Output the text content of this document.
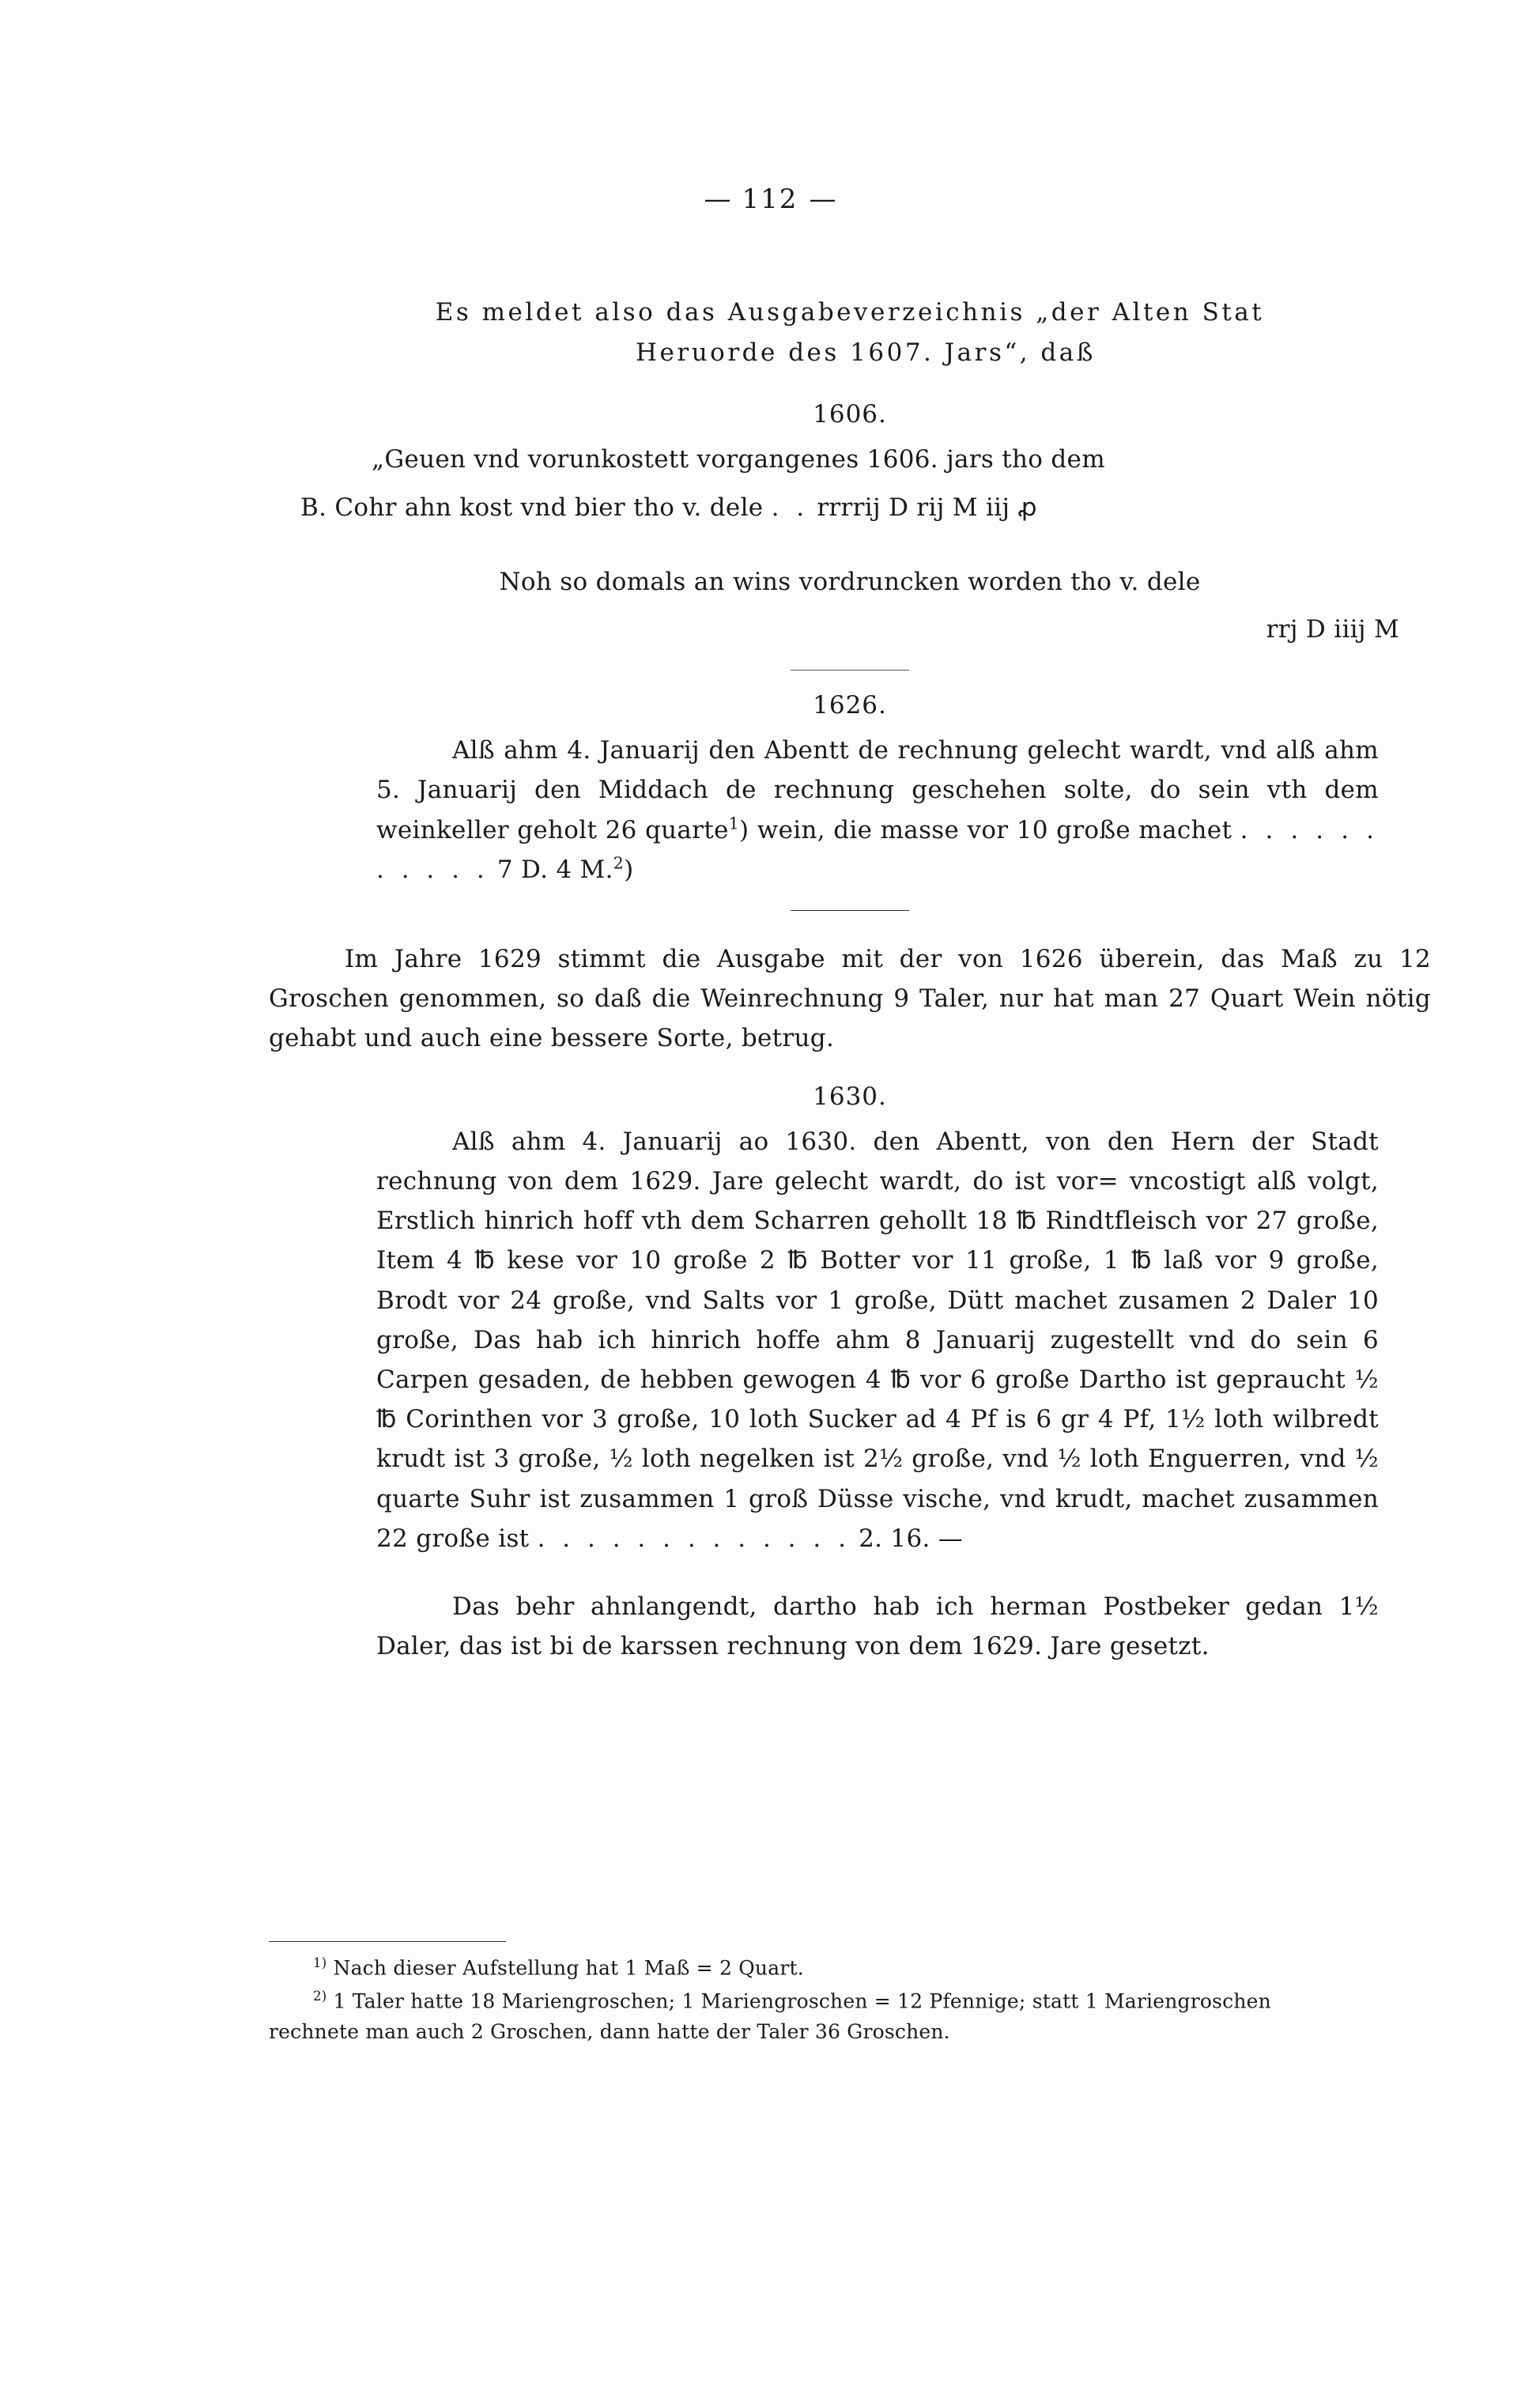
— 112 —
Es meldet also das Ausgabeverzeichnis „der Alten Stat
Heruorde des 1607. Jars“, daß
1606.

„Geuen vnd vorunkostett vorgangenes 1606. jars tho dem

B. Cohr ahn kost vnd bier tho v. dele . . rrrrij D rij M iij ꝓ

Noh so domals an wins vordruncken worden tho v. dele

rrj D iiij M

1626.

Alß ahm 4. Januarij den Abentt de rechnung gelecht wardt, vnd alß ahm 5. Januarij den Middach de rechnung geschehen solte, do sein vth dem weinkeller geholt 26 quarte$^1$) wein, die masse vor 10 große machet . . . . . . . . . . . 7 D. 4 M.$^2$)

Im Jahre 1629 stimmt die Ausgabe mit der von 1626 überein, das Maß zu 12 Groschen genommen, so daß die Weinrechnung 9 Taler, nur hat man 27 Quart Wein nötig gehabt und auch eine bessere Sorte, betrug.

1630.

Alß ahm 4. Januarij ao 1630. den Abentt, von den Hern der Stadt rechnung von dem 1629. Jare gelecht wardt, do ist vor= vncostigt alß volgt, Erstlich hinrich hoff vth dem Scharren gehollt 18 ℔ Rindtfleisch vor 27 große, Item 4 ℔ kese vor 10 große 2 ℔ Botter vor 11 große, 1 ℔ laß vor 9 große, Brodt vor 24 große, vnd Salts vor 1 große, Dütt machet zusamen 2 Daler 10 große, Das hab ich hinrich hoffe ahm 8 Januarij zugestellt vnd do sein 6 Carpen gesaden, de hebben gewogen 4 ℔ vor 6 große Dartho ist gepraucht ½ ℔ Corinthen vor 3 große, 10 loth Sucker ad 4 Pf is 6 gr 4 Pf, 1½ loth wilbredt krudt ist 3 große, ½ loth negelken ist 2½ große, vnd ½ loth Enguerren, vnd ½ quarte Suhr ist zusammen 1 groß Düsse vische, vnd krudt, machet zusammen 22 große ist . . . . . . . . . . . . . 2. 16. —

Das behr ahnlangendt, dartho hab ich herman Postbeker gedan 1½ Daler, das ist bi de karssen rechnung von dem 1629. Jare gesetzt.

$^{1)}$ Nach dieser Aufstellung hat 1 Maß = 2 Quart.

$^{2)}$ 1 Taler hatte 18 Mariengroschen; 1 Mariengroschen = 12 Pfennige; statt 1 Mariengroschen rechnete man auch 2 Groschen, dann hatte der Taler 36 Groschen.
